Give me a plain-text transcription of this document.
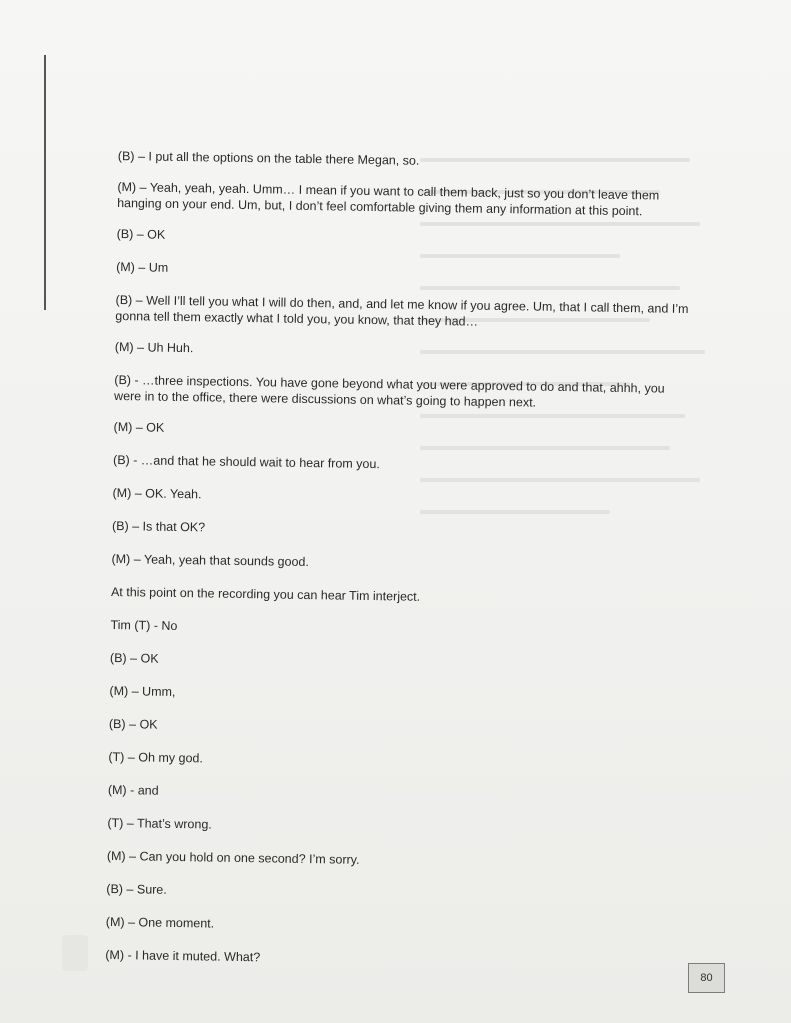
(B) – I put all the options on the table there Megan, so.

(M) – Yeah, yeah, yeah. Umm… I mean if you want to call them back, just so you don’t leave them hanging on your end. Um, but, I don’t feel comfortable giving them any information at this point.

(B) – OK

(M) – Um

(B) – Well I’ll tell you what I will do then, and, and let me know if you agree. Um, that I call them, and I’m gonna tell them exactly what I told you, you know, that they had…

(M) – Uh Huh.

(B) - …three inspections. You have gone beyond what you were approved to do and that, ahhh, you were in to the office, there were discussions on what’s going to happen next.

(M) – OK

(B) - …and that he should wait to hear from you.

(M) – OK. Yeah.

(B) – Is that OK?

(M) – Yeah, yeah that sounds good.

At this point on the recording you can hear Tim interject.

Tim (T) - No

(B) – OK

(M) – Umm,

(B) – OK

(T) – Oh my god.

(M) - and

(T) – That’s wrong.

(M) – Can you hold on one second? I’m sorry.

(B) – Sure.

(M) – One moment.

(M) - I have it muted. What?

80
